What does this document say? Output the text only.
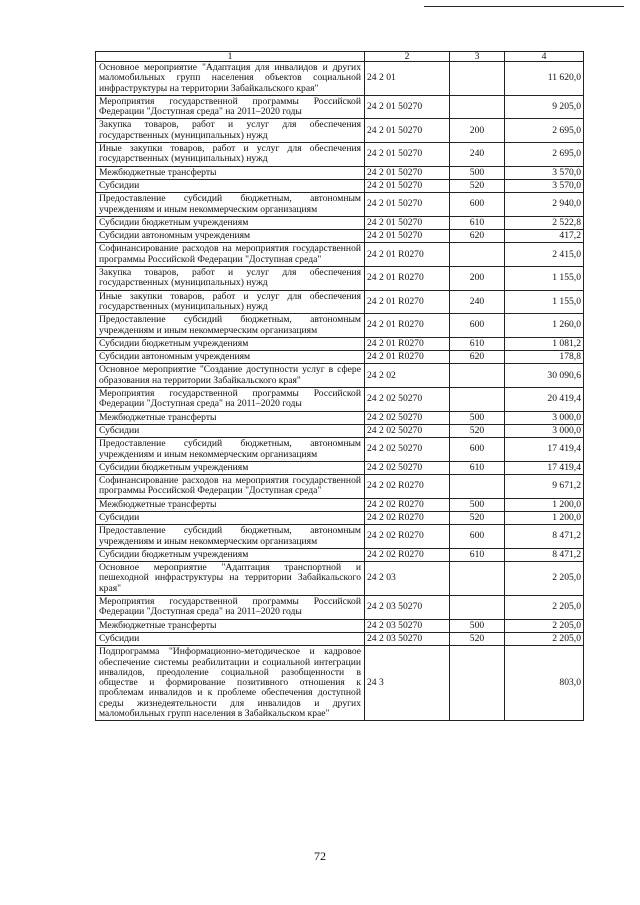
1	2	3	4
Основное мероприятие "Адаптация для инвалидов и других маломобильных групп населения объектов социальной инфраструктуры на территории Забайкальского края"	24 2 01		11 620,0
Мероприятия государственной программы Российской Федерации "Доступная среда" на 2011–2020 годы	24 2 01 50270		9 205,0
Закупка товаров, работ и услуг для обеспечения государственных (муниципальных) нужд	24 2 01 50270	200	2 695,0
Иные закупки товаров, работ и услуг для обеспечения государственных (муниципальных) нужд	24 2 01 50270	240	2 695,0
Межбюджетные трансферты	24 2 01 50270	500	3 570,0
Субсидии	24 2 01 50270	520	3 570,0
Предоставление субсидий бюджетным, автономным учреждениям и иным некоммерческим организациям	24 2 01 50270	600	2 940,0
Субсидии бюджетным учреждениям	24 2 01 50270	610	2 522,8
Субсидии автономным учреждениям	24 2 01 50270	620	417,2
Софинансирование расходов на мероприятия государственной программы Российской Федерации "Доступная среда"	24 2 01 R0270		2 415,0
Закупка товаров, работ и услуг для обеспечения государственных (муниципальных) нужд	24 2 01 R0270	200	1 155,0
Иные закупки товаров, работ и услуг для обеспечения государственных (муниципальных) нужд	24 2 01 R0270	240	1 155,0
Предоставление субсидий бюджетным, автономным учреждениям и иным некоммерческим организациям	24 2 01 R0270	600	1 260,0
Субсидии бюджетным учреждениям	24 2 01 R0270	610	1 081,2
Субсидии автономным учреждениям	24 2 01 R0270	620	178,8
Основное мероприятие "Создание доступности услуг в сфере образования на территории Забайкальского края"	24 2 02		30 090,6
Мероприятия государственной программы Российской Федерации "Доступная среда" на 2011–2020 годы	24 2 02 50270		20 419,4
Межбюджетные трансферты	24 2 02 50270	500	3 000,0
Субсидии	24 2 02 50270	520	3 000,0
Предоставление субсидий бюджетным, автономным учреждениям и иным некоммерческим организациям	24 2 02 50270	600	17 419,4
Субсидии бюджетным учреждениям	24 2 02 50270	610	17 419,4
Софинансирование расходов на мероприятия государственной программы Российской Федерации "Доступная среда"	24 2 02 R0270		9 671,2
Межбюджетные трансферты	24 2 02 R0270	500	1 200,0
Субсидии	24 2 02 R0270	520	1 200,0
Предоставление субсидий бюджетным, автономным учреждениям и иным некоммерческим организациям	24 2 02 R0270	600	8 471,2
Субсидии бюджетным учреждениям	24 2 02 R0270	610	8 471,2
Основное мероприятие "Адаптация транспортной и пешеходной инфраструктуры на территории Забайкальского края"	24 2 03		2 205,0
Мероприятия государственной программы Российской Федерации "Доступная среда" на 2011–2020 годы	24 2 03 50270		2 205,0
Межбюджетные трансферты	24 2 03 50270	500	2 205,0
Субсидии	24 2 03 50270	520	2 205,0
Подпрограмма "Информационно-методическое и кадровое обеспечение системы реабилитации и социальной интеграции инвалидов, преодоление социальной разобщенности в обществе и формирование позитивного отношения к проблемам инвалидов и к проблеме обеспечения доступной среды жизнедеятельности для инвалидов и других маломобильных групп населения в Забайкальском крае"	24 3		803,0
72
